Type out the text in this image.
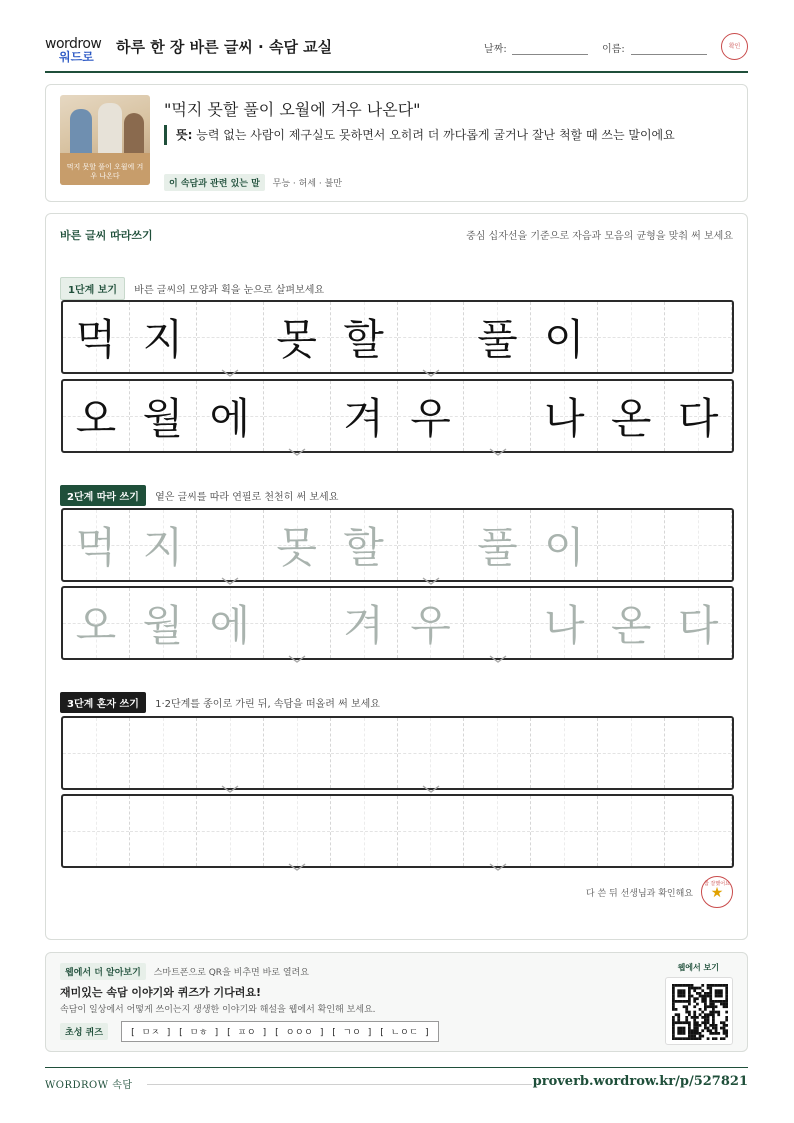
wordrow
워드로
하루 한 장 바른 글씨 · 속담 교실	날짜:	이름:	확인
먹지 못할 풀이 오월에 겨우 나온다
"먹지 못할 풀이 오월에 겨우 나온다"
뜻: 능력 없는 사람이 제구실도 못하면서 오히려 더 까다롭게 굴거나 잘난 척할 때 쓰는 말이에요
이 속담과 관련 있는 말 무능 · 허세 · 불만
바른 글씨 따라쓰기	중심 십자선을 기준으로 자음과 모음의 균형을 맞춰 써 보세요
1단계 보기 바른 글씨의 모양과 획을 눈으로 살펴보세요
먹 지 못 할 풀 이
오 월 에 겨 우 나 온 다
2단계 따라 쓰기 옅은 글씨를 따라 연필로 천천히 써 보세요
먹 지 못 할 풀 이
오 월 에 겨 우 나 온 다
3단계 혼자 쓰기 1·2단계를 종이로 가린 뒤, 속담을 떠올려 써 보세요
다 쓴 뒤 선생님과 확인해요
참 잘했어요
★
웹에서 더 알아보기 스마트폰으로 QR을 비추면 바로 열려요
재미있는 속담 이야기와 퀴즈가 기다려요!
속담이 일상에서 어떻게 쓰이는지 생생한 이야기와 해설을 웹에서 확인해 보세요.
초성 퀴즈	[ ㅁㅈ ] [ ㅁㅎ ] [ ㅍㅇ ] [ ㅇㅇㅇ ] [ ㄱㅇ ] [ ㄴㅇㄷ ]
웹에서 보기
WORDROW 속담	proverb.wordrow.kr/p/527821
